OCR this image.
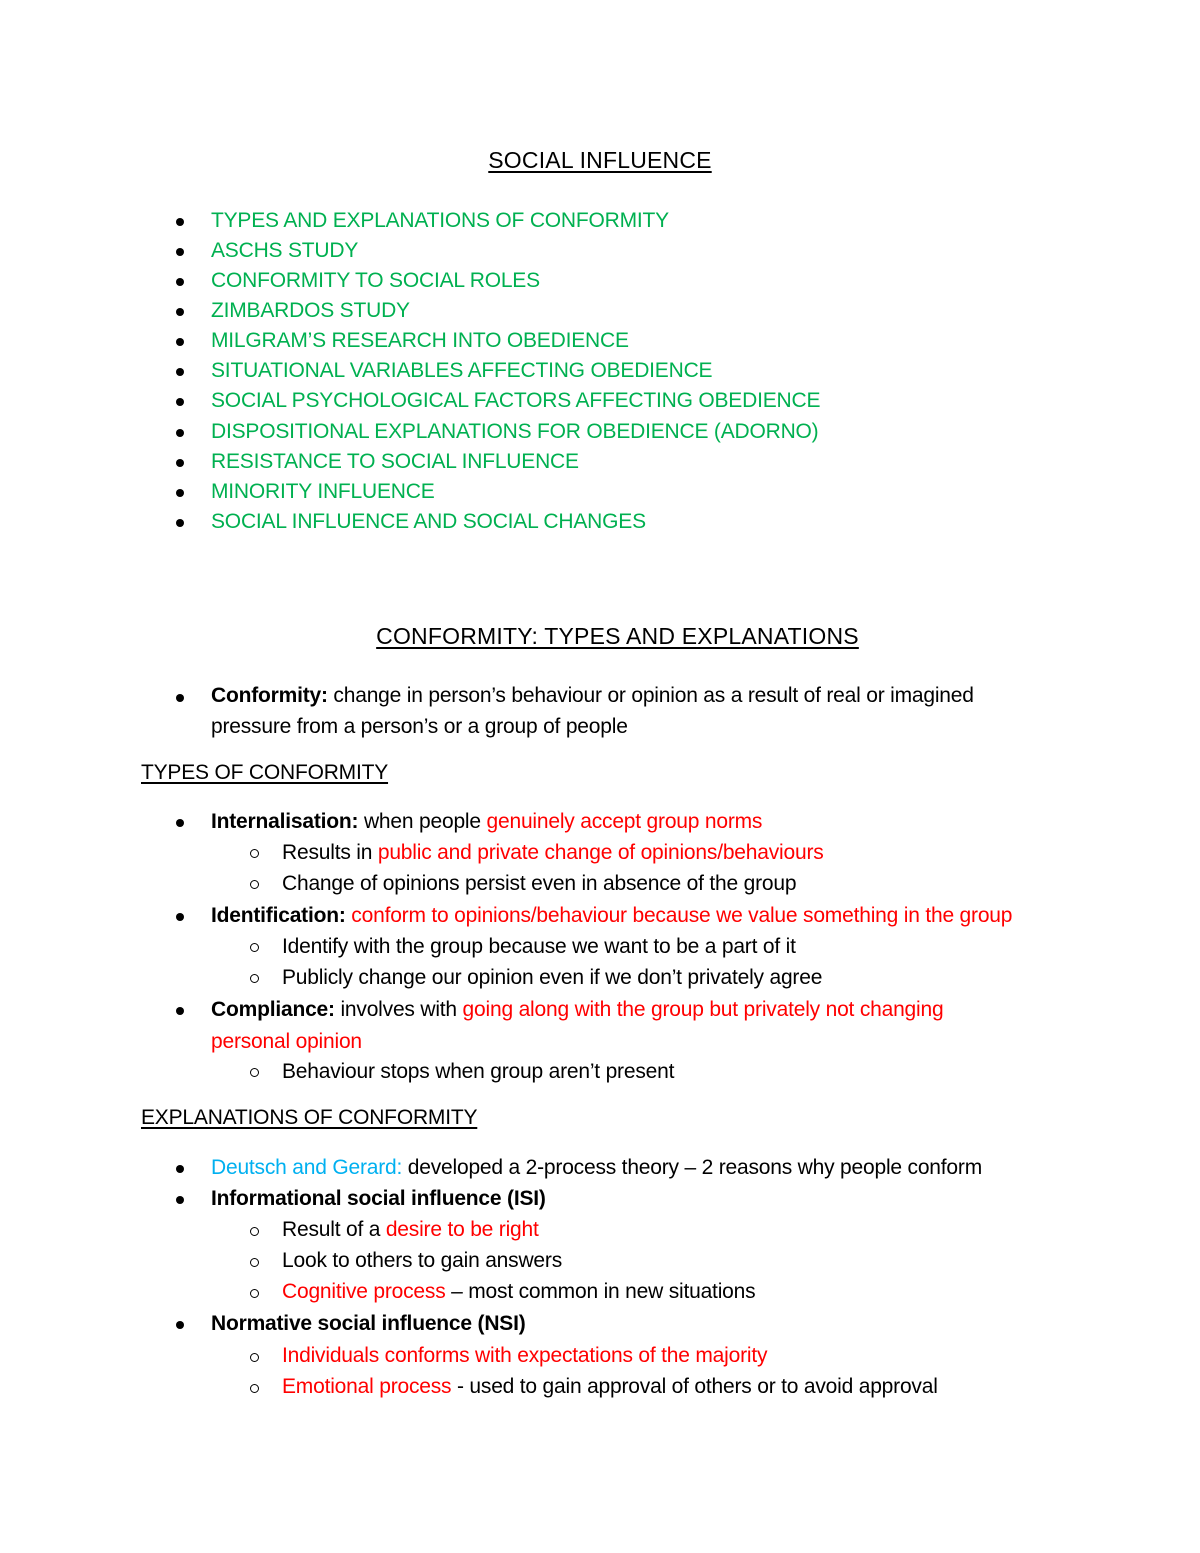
SOCIAL INFLUENCE
TYPES AND EXPLANATIONS OF CONFORMITY
ASCHS STUDY
CONFORMITY TO SOCIAL ROLES
ZIMBARDOS STUDY
MILGRAM’S RESEARCH INTO OBEDIENCE
SITUATIONAL VARIABLES AFFECTING OBEDIENCE
SOCIAL PSYCHOLOGICAL FACTORS AFFECTING OBEDIENCE
DISPOSITIONAL EXPLANATIONS FOR OBEDIENCE (ADORNO)
RESISTANCE TO SOCIAL INFLUENCE
MINORITY INFLUENCE
SOCIAL INFLUENCE AND SOCIAL CHANGES
CONFORMITY: TYPES AND EXPLANATIONS
Conformity: change in person’s behaviour or opinion as a result of real or imagined
pressure from a person’s or a group of people
TYPES OF CONFORMITY
Internalisation: when people genuinely accept group norms
Results in public and private change of opinions/behaviours
Change of opinions persist even in absence of the group
Identification: conform to opinions/behaviour because we value something in the group
Identify with the group because we want to be a part of it
Publicly change our opinion even if we don’t privately agree
Compliance: involves with going along with the group but privately not changing
personal opinion
Behaviour stops when group aren’t present
EXPLANATIONS OF CONFORMITY
Deutsch and Gerard: developed a 2-process theory – 2 reasons why people conform
Informational social influence (ISI)
Result of a desire to be right
Look to others to gain answers
Cognitive process – most common in new situations
Normative social influence (NSI)
Individuals conforms with expectations of the majority
Emotional process - used to gain approval of others or to avoid approval
